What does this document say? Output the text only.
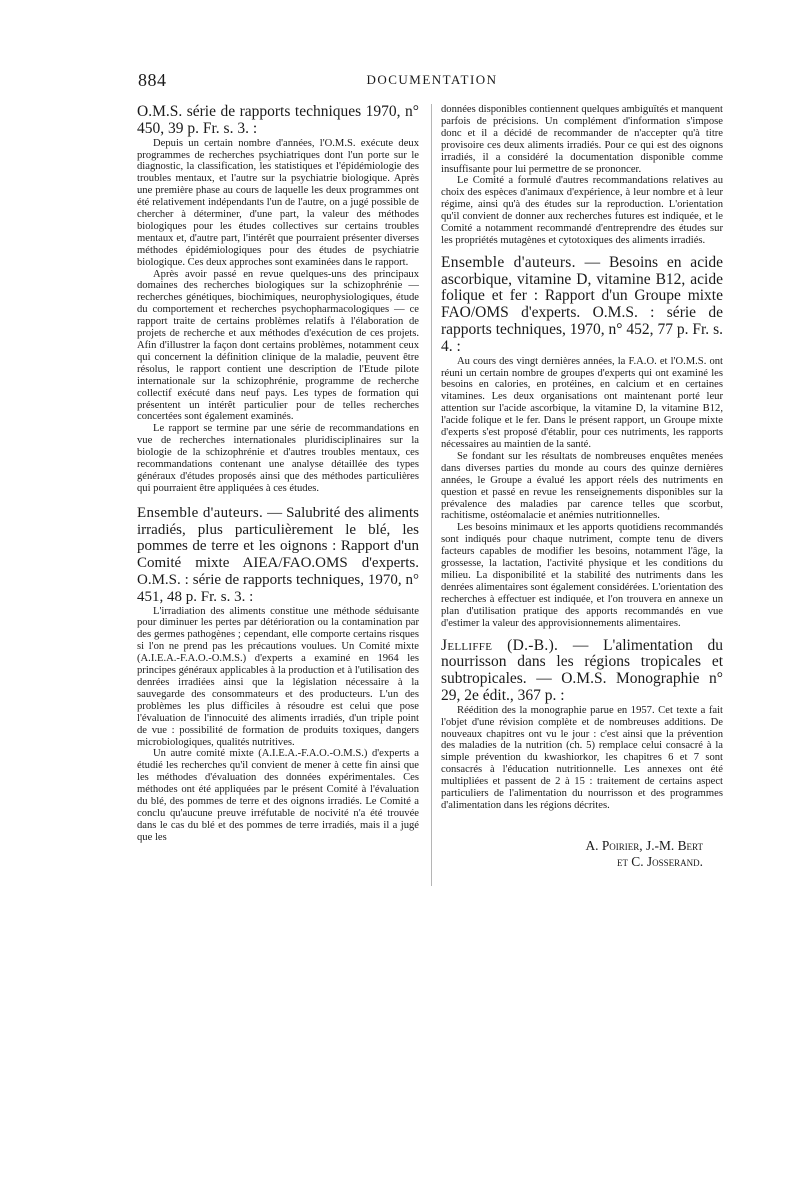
884	DOCUMENTATION
O.M.S. série de rapports techniques 1970, n° 450, 39 p. Fr. s. 3. :

Depuis un certain nombre d'années, l'O.M.S. exécute deux programmes de recherches psychiatriques dont l'un porte sur le diagnostic, la classification, les statistiques et l'épidémiologie des troubles mentaux, et l'autre sur la psychiatrie biologique. Après une première phase au cours de laquelle les deux programmes ont été relativement indépendants l'un de l'autre, on a jugé possible de chercher à déterminer, d'une part, la valeur des méthodes biologiques pour les études collectives sur certains troubles mentaux et, d'autre part, l'intérêt que pourraient présenter diverses méthodes épidémiologiques pour des études de psychiatrie biologique. Ces deux approches sont examinées dans le rapport.

Après avoir passé en revue quelques-uns des principaux domaines des recherches biologiques sur la schizophrénie — recherches génétiques, biochimiques, neurophysiologiques, étude du comportement et recherches psychopharmacologiques — ce rapport traite de certains problèmes relatifs à l'élaboration de projets de recherche et aux méthodes d'exécution de ces projets. Afin d'illustrer la façon dont certains problèmes, notamment ceux qui concernent la définition clinique de la maladie, peuvent être résolus, le rapport contient une description de l'Etude pilote internationale sur la schizophrénie, programme de recherche collectif exécuté dans neuf pays. Les types de formation qui présentent un intérêt particulier pour de telles recherches concertées sont également examinés.

Le rapport se termine par une série de recommandations en vue de recherches internationales pluridisciplinaires sur la biologie de la schizophrénie et d'autres troubles mentaux, ces recommandations contenant une analyse détaillée des types généraux d'études proposés ainsi que des méthodes particulières qui pourraient être appliquées à ces études.

Ensemble d'auteurs. — Salubrité des aliments irradiés, plus particulièrement le blé, les pommes de terre et les oignons : Rapport d'un Comité mixte AIEA/FAO.OMS d'experts. O.M.S. : série de rapports techniques, 1970, n° 451, 48 p. Fr. s. 3. :

L'irradiation des aliments constitue une méthode séduisante pour diminuer les pertes par détérioration ou la contamination par des germes pathogènes ; cependant, elle comporte certains risques si l'on ne prend pas les précautions voulues. Un Comité mixte (A.I.E.A.-F.A.O.-O.M.S.) d'experts a examiné en 1964 les principes généraux applicables à la production et à l'utilisation des denrées irradiées ainsi que la législation nécessaire à la sauvegarde des consommateurs et des producteurs. L'un des problèmes les plus difficiles à résoudre est celui que pose l'évaluation de l'innocuité des aliments irradiés, d'un triple point de vue : possibilité de formation de produits toxiques, dangers microbiologiques, qualités nutritives.

Un autre comité mixte (A.I.E.A.-F.A.O.-O.M.S.) d'experts a étudié les recherches qu'il convient de mener à cette fin ainsi que les méthodes d'évaluation des données expérimentales. Ces méthodes ont été appliquées par le présent Comité à l'évaluation du blé, des pommes de terre et des oignons irradiés. Le Comité a conclu qu'aucune preuve irréfutable de nocivité n'a été trouvée dans le cas du blé et des pommes de terre irradiés, mais il a jugé que les

données disponibles contiennent quelques ambiguïtés et manquent parfois de précisions. Un complément d'information s'impose donc et il a décidé de recommander de n'accepter qu'à titre provisoire ces deux aliments irradiés. Pour ce qui est des oignons irradiés, il a considéré la documentation disponible comme insuffisante pour lui permettre de se prononcer.

Le Comité a formulé d'autres recommandations relatives au choix des espèces d'animaux d'expérience, à leur nombre et à leur régime, ainsi qu'à des études sur la reproduction. L'orientation qu'il convient de donner aux recherches futures est indiquée, et le Comité a notamment recommandé d'entreprendre des études sur les propriétés mutagènes et cytotoxiques des aliments irradiés.

Ensemble d'auteurs. — Besoins en acide ascorbique, vitamine D, vitamine B12, acide folique et fer : Rapport d'un Groupe mixte FAO/OMS d'experts. O.M.S. : série de rapports techniques, 1970, n° 452, 77 p. Fr. s. 4. :

Au cours des vingt dernières années, la F.A.O. et l'O.M.S. ont réuni un certain nombre de groupes d'experts qui ont examiné les besoins en calories, en protéines, en calcium et en certaines vitamines. Les deux organisations ont maintenant porté leur attention sur l'acide ascorbique, la vitamine D, la vitamine B12, l'acide folique et le fer. Dans le présent rapport, un Groupe mixte d'experts s'est proposé d'établir, pour ces nutriments, les rapports nécessaires au maintien de la santé.

Se fondant sur les résultats de nombreuses enquêtes menées dans diverses parties du monde au cours des quinze dernières années, le Groupe a évalué les apport réels des nutriments en question et passé en revue les renseignements disponibles sur la prévalence des maladies par carence telles que scorbut, rachitisme, ostéomalacie et anémies nutritionnelles.

Les besoins minimaux et les apports quotidiens recommandés sont indiqués pour chaque nutriment, compte tenu de divers facteurs capables de modifier les besoins, notamment l'âge, la grossesse, la lactation, l'activité physique et les conditions du milieu. La disponibilité et la stabilité des nutriments dans les denrées alimentaires sont également considérées. L'orientation des recherches à effectuer est indiquée, et l'on trouvera en annexe un plan d'utilisation pratique des apports recommandés en vue d'estimer la valeur des approvisionnements alimentaires.

Jelliffe (D.-B.). — L'alimentation du nourrisson dans les régions tropicales et subtropicales. — O.M.S. Monographie n° 29, 2e édit., 367 p. :

Réédition des la monographie parue en 1957. Cet texte a fait l'objet d'une révision complète et de nombreuses additions. De nouveaux chapitres ont vu le jour : c'est ainsi que la prévention des maladies de la nutrition (ch. 5) remplace celui consacré à la simple prévention du kwashiorkor, les chapitres 6 et 7 sont consacrés à l'éducation nutritionnelle. Les annexes ont été multipliées et passent de 2 à 15 : traitement de certains aspect particuliers de l'alimentation du nourrisson et des programmes d'alimentation dans les régions décrites.

A. Poirier, J.-M. Bert
et C. Josserand.
